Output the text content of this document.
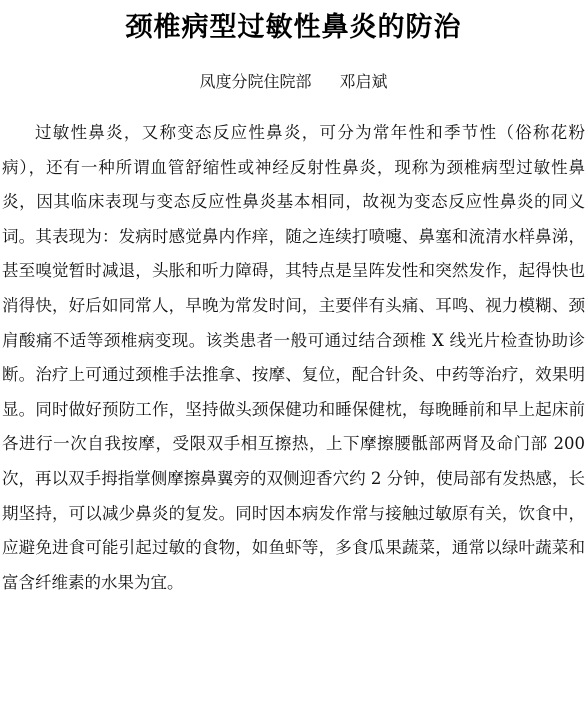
颈椎病型过敏性鼻炎的防治
凤度分院住院部 邓启斌

过敏性鼻炎，又称变态反应性鼻炎，可分为常年性和季节性（俗称花粉病），还有一种所谓血管舒缩性或神经反射性鼻炎，现称为颈椎病型过敏性鼻炎，因其临床表现与变态反应性鼻炎基本相同，故视为变态反应性鼻炎的同义词。其表现为：发病时感觉鼻内作痒，随之连续打喷嚏、鼻塞和流清水样鼻涕，甚至嗅觉暂时减退，头胀和听力障碍，其特点是呈阵发性和突然发作，起得快也消得快，好后如同常人，早晚为常发时间，主要伴有头痛、耳鸣、视力模糊、颈肩酸痛不适等颈椎病变现。该类患者一般可通过结合颈椎 X 线光片检查协助诊断。治疗上可通过颈椎手法推拿、按摩、复位，配合针灸、中药等治疗，效果明显。同时做好预防工作，坚持做头颈保健功和睡保健枕，每晚睡前和早上起床前各进行一次自我按摩，受限双手相互擦热，上下摩擦腰骶部两肾及命门部 200次，再以双手拇指掌侧摩擦鼻翼旁的双侧迎香穴约 2 分钟，使局部有发热感，长期坚持，可以减少鼻炎的复发。同时因本病发作常与接触过敏原有关，饮食中，应避免进食可能引起过敏的食物，如鱼虾等，多食瓜果蔬菜，通常以绿叶蔬菜和富含纤维素的水果为宜。
